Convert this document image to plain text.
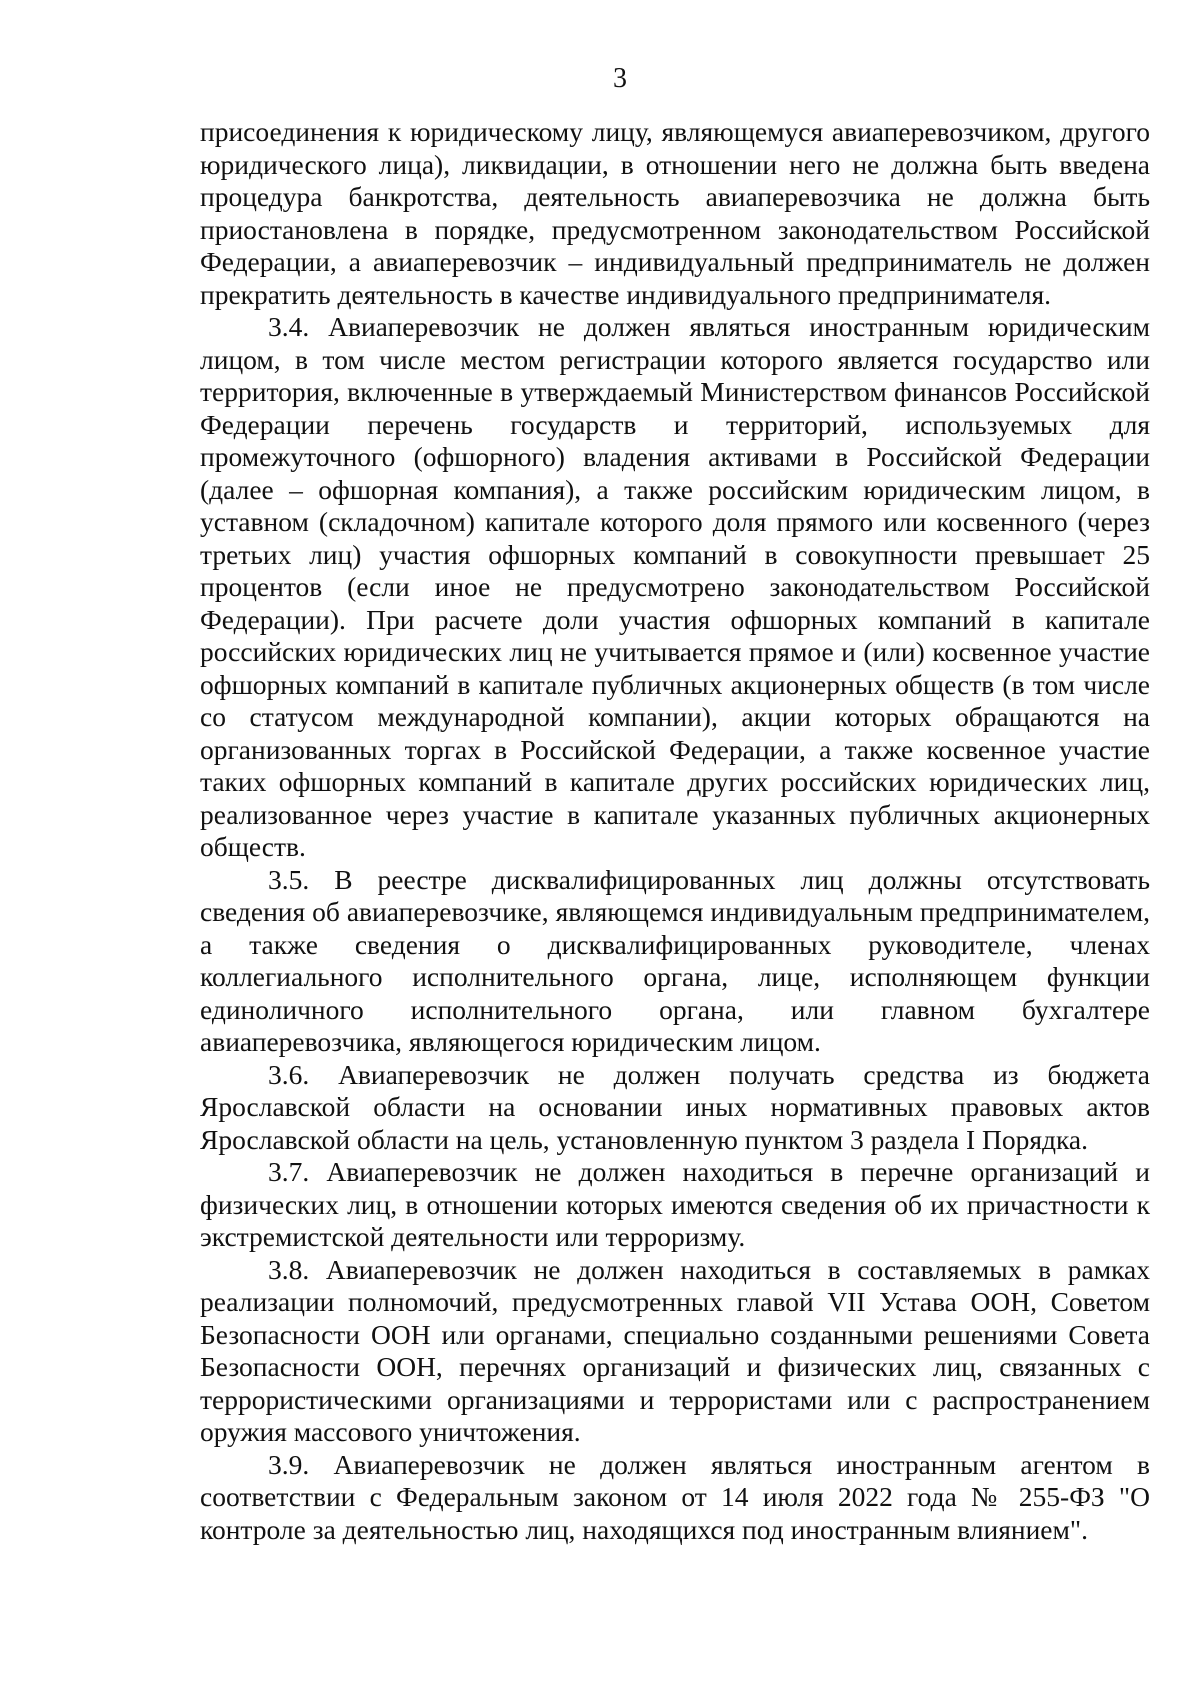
3

присоединения к юридическому лицу, являющемуся авиаперевозчиком, другого юридического лица), ликвидации, в отношении него не должна быть введена процедура банкротства, деятельность авиаперевозчика не должна быть приостановлена в порядке, предусмотренном законодательством Российской Федерации, а авиаперевозчик – индивидуальный предприниматель не должен прекратить деятельность в качестве индивидуального предпринимателя.

3.4. Авиаперевозчик не должен являться иностранным юридическим лицом, в том числе местом регистрации которого является государство или территория, включенные в утверждаемый Министерством финансов Российской Федерации перечень государств и территорий, используемых для промежуточного (офшорного) владения активами в Российской Федерации (далее – офшорная компания), а также российским юридическим лицом, в уставном (складочном) капитале которого доля прямого или косвенного (через третьих лиц) участия офшорных компаний в совокупности превышает 25 процентов (если иное не предусмотрено законодательством Российской Федерации). При расчете доли участия офшорных компаний в капитале российских юридических лиц не учитывается прямое и (или) косвенное участие офшорных компаний в капитале публичных акционерных обществ (в том числе со статусом международной компании), акции которых обращаются на организованных торгах в Российской Федерации, а также косвенное участие таких офшорных компаний в капитале других российских юридических лиц, реализованное через участие в капитале указанных публичных акционерных обществ.

3.5. В реестре дисквалифицированных лиц должны отсутствовать сведения об авиаперевозчике, являющемся индивидуальным предпринимателем, а также сведения о дисквалифицированных руководителе, членах коллегиального исполнительного органа, лице, исполняющем функции единоличного исполнительного органа, или главном бухгалтере авиаперевозчика, являющегося юридическим лицом.

3.6. Авиаперевозчик не должен получать средства из бюджета Ярославской области на основании иных нормативных правовых актов Ярославской области на цель, установленную пунктом 3 раздела I Порядка.

3.7. Авиаперевозчик не должен находиться в перечне организаций и физических лиц, в отношении которых имеются сведения об их причастности к экстремистской деятельности или терроризму.

3.8. Авиаперевозчик не должен находиться в составляемых в рамках реализации полномочий, предусмотренных главой VII Устава ООН, Советом Безопасности ООН или органами, специально созданными решениями Совета Безопасности ООН, перечнях организаций и физических лиц, связанных с террористическими организациями и террористами или с распространением оружия массового уничтожения.

3.9. Авиаперевозчик не должен являться иностранным агентом в соответствии с Федеральным законом от 14 июля 2022 года № 255-ФЗ "О контроле за деятельностью лиц, находящихся под иностранным влиянием".
